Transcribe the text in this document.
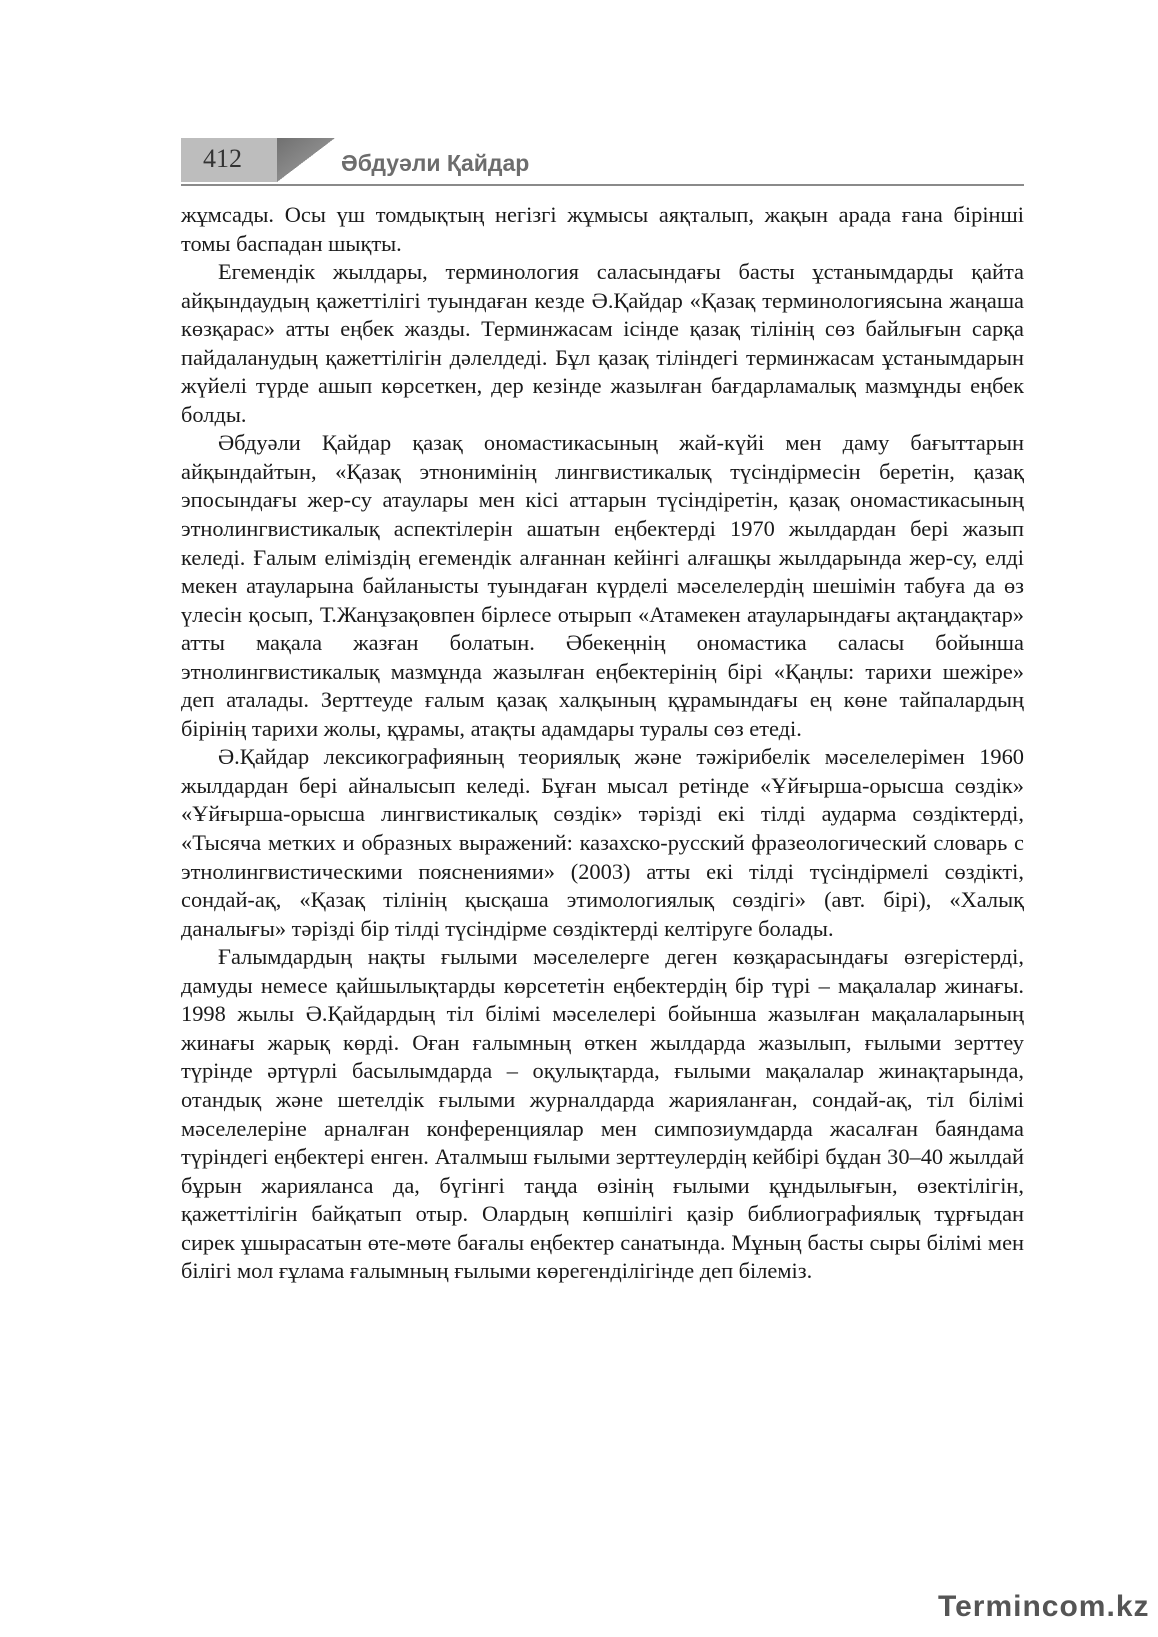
412	Әбдуәли Қайдар

жұмсады. Осы үш томдықтың негізгі жұмысы аяқталып, жақын арада ғана бірінші томы баспадан шықты.

Егемендік жылдары, терминология саласындағы басты ұстанымдарды қайта айқындаудың қажеттілігі туындаған кезде Ә.Қайдар «Қазақ терминологиясына жаңаша көзқарас» атты еңбек жазды. Терминжасам ісінде қазақ тілінің сөз байлығын сарқа пайдаланудың қажеттілігін дәлелдеді. Бұл қазақ тіліндегі терминжасам ұстанымдарын жүйелі түрде ашып көрсеткен, дер кезінде жазылған бағдарламалық мазмұнды еңбек болды.

Әбдуәли Қайдар қазақ ономастикасының жай-күйі мен даму бағыттарын айқындайтын, «Қазақ этнонимінің лингвистикалық түсіндірмесін беретін, қазақ эпосындағы жер-су атаулары мен кісі аттарын түсіндіретін, қазақ ономастикасының этнолингвистикалық аспектілерін ашатын еңбектерді 1970 жылдардан бері жазып келеді. Ғалым еліміздің егемендік алғаннан кейінгі алғашқы жылдарында жер-су, елді мекен атауларына байланысты туындаған күрделі мәселелердің шешімін табуға да өз үлесін қосып, Т.Жанұзақовпен бірлесе отырып «Атамекен атауларындағы ақтаңдақтар» атты мақала жазған болатын. Әбекеңнің ономастика саласы бойынша этнолингвистикалық мазмұнда жазылған еңбектерінің бірі «Қаңлы: тарихи шежіре» деп аталады. Зерттеуде ғалым қазақ халқының құрамындағы ең көне тайпалардың бірінің тарихи жолы, құрамы, атақты адамдары туралы сөз етеді.

Ә.Қайдар лексикографияның теориялық және тәжірибелік мәселелерімен 1960 жылдардан бері айналысып келеді. Бұған мысал ретінде «Ұйғырша-орысша сөздік» «Ұйғырша-орысша лингвистикалық сөздік» тәрізді екі тілді аударма сөздіктерді, «Тысяча метких и образных выражений: казахско-русский фразеологический словарь с этнолингвистическими пояснениями» (2003) атты екі тілді түсіндірмелі сөздікті, сондай-ақ, «Қазақ тілінің қысқаша этимологиялық сөздігі» (авт. бірі), «Халық даналығы» тәрізді бір тілді түсіндірме сөздіктерді келтіруге болады.

Ғалымдардың нақты ғылыми мәселелерге деген көзқарасындағы өзгерістерді, дамуды немесе қайшылықтарды көрсететін еңбектердің бір түрі – мақалалар жинағы. 1998 жылы Ә.Қайдардың тіл білімі мәселелері бойынша жазылған мақалаларының жинағы жарық көрді. Оған ғалымның өткен жылдарда жазылып, ғылыми зерттеу түрінде әртүрлі басылымдарда – оқулықтарда, ғылыми мақалалар жинақтарында, отандық және шетелдік ғылыми журналдарда жарияланған, сондай-ақ, тіл білімі мәселелеріне арналған конференциялар мен симпозиумдарда жасалған баяндама түріндегі еңбектері енген. Аталмыш ғылыми зерттеулердің кейбірі бұдан 30–40 жылдай бұрын жарияланса да, бүгінгі таңда өзінің ғылыми құндылығын, өзектілігін, қажеттілігін байқатып отыр. Олардың көпшілігі қазір библиографиялық тұрғыдан сирек ұшырасатын өте-мөте бағалы еңбектер санатында. Мұның басты сыры білімі мен білігі мол ғұлама ғалымның ғылыми көрегенділігінде деп білеміз.

Termincom.kz
